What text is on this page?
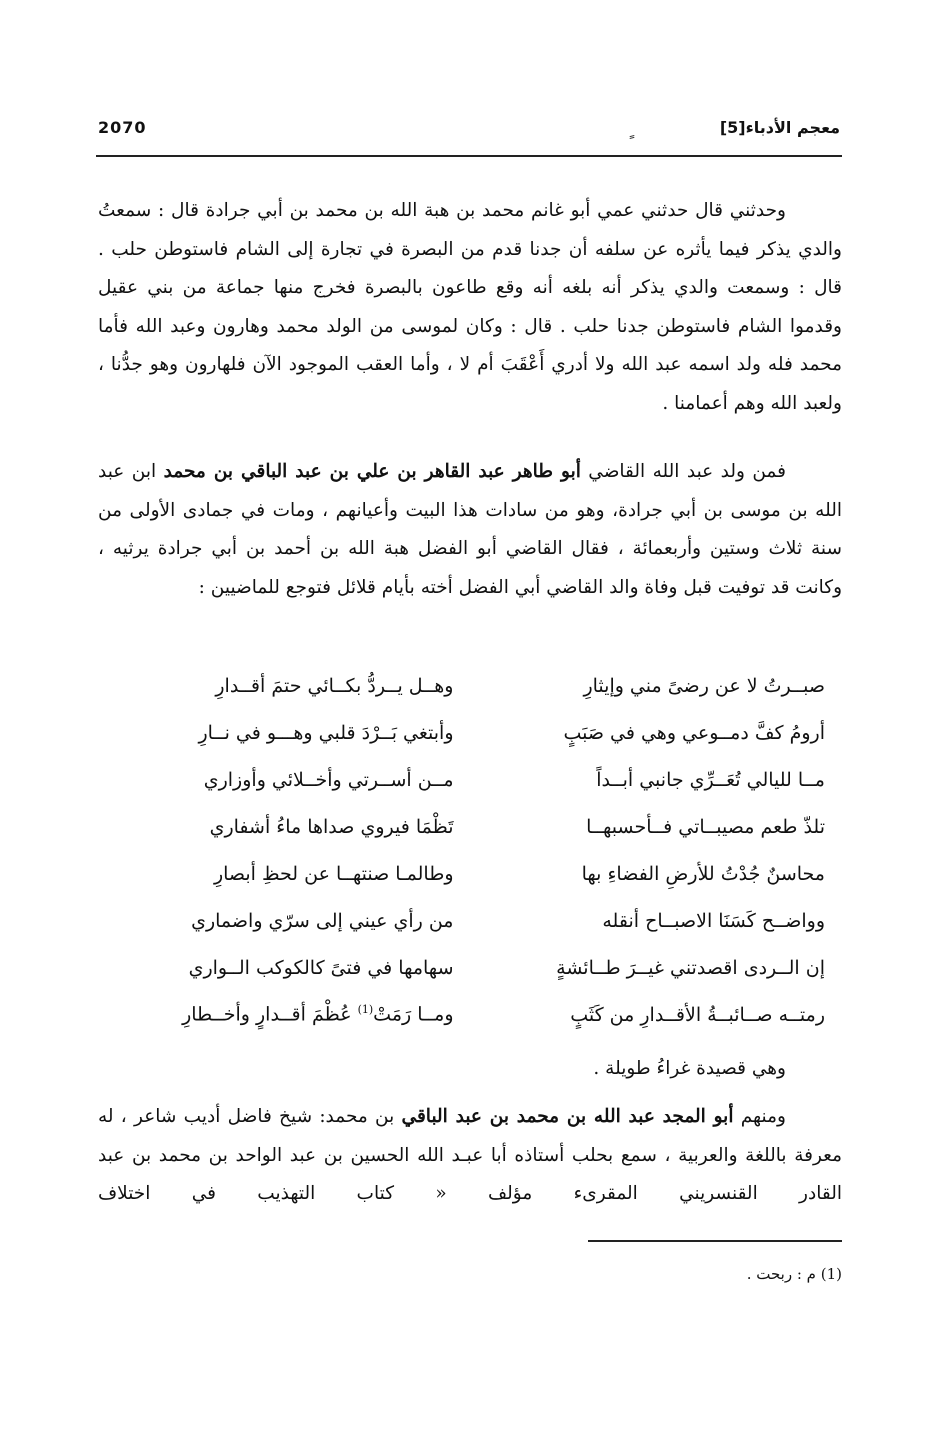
معجم الأدباء[5]
2070

وحدثني قال حدثني عمي أبو غانم محمد بن هبة الله بن محمد بن أبي جرادة قال : سمعتُ والدي يذكر فيما يأثره عن سلفه أن جدنا قدم من البصرة في تجارة إلى الشام فاستوطن حلب . قال : وسمعت والدي يذكر أنه بلغه أنه وقع طاعون بالبصرة فخرج منها جماعة من بني عقيل وقدموا الشام فاستوطن جدنا حلب . قال : وكان لموسى من الولد محمد وهارون وعبد الله فأما محمد فله ولد اسمه عبد الله ولا أدري أَعْقَبَ أم لا ، وأما العقب الموجود الآن فلهارون وهو جدُّنا ، ولعبد الله وهم أعمامنا .

فمن ولد عبد الله القاضي أبو طاهر عبد القاهر بن علي بن عبد الباقي بن محمد ابن عبد الله بن موسى بن أبي جرادة، وهو من سادات هذا البيت وأعيانهم ، ومات في جمادى الأولى من سنة ثلاث وستين وأربعمائة ، فقال القاضي أبو الفضل هبة الله بن أحمد بن أبي جرادة يرثيه ، وكانت قد توفيت قبل وفاة والد القاضي أبي الفضل أخته بأيام قلائل فتوجع للماضيين :

صبــرتُ لا عن رضىً مني وإيثارِ
وهــل يــردُّ بكــائي حتمَ أقــدارِ
أرومُ كفَّ دمــوعي وهي في صَبَبٍ
وأبتغي بَــرْدَ قلبي وهـــو في نــارِ
مــا لليالي تُعَــرِّي جانبي أبــداً
مــن أســرتي وأخــلائي وأوزاري
تلذّ طعم مصيبــاتي فــأحسبهــا
تَظْمَا فيروي صداها ماءُ أشفاري
محاسنٌ جُدْتُ للأرضِ الفضاءِ بها
وطالمـا صنتهــا عن لحظِ أبصارِ
وواضــح كَسَنَا الاصبــاح أنقله
من رأي عيني إلى سرّي واضماري
إن الــردى اقصدتني غيــرَ طــائشةٍ
سهامها في فتىً كالكوكب الــواري
رمتــه صــائبــةُ الأقــدارِ من كَثَبٍ
ومــا رَمَتْ$^{(1)}$ عُظْمَ أقــدارٍ وأخــطارِ

وهي قصيدة غراءُ طويلة .

ومنهم أبو المجد عبد الله بن محمد بن عبد الباقي بن محمد: شيخ فاضل أديب شاعر ، له معرفة باللغة والعربية ، سمع بحلب أستاذه أبا عبـد الله الحسين بن عبد الواحد بن محمد بن عبد القادر القنسريني المقرىء مؤلف « كتاب التهذيب في اختلاف

(1) م : ربحت .
